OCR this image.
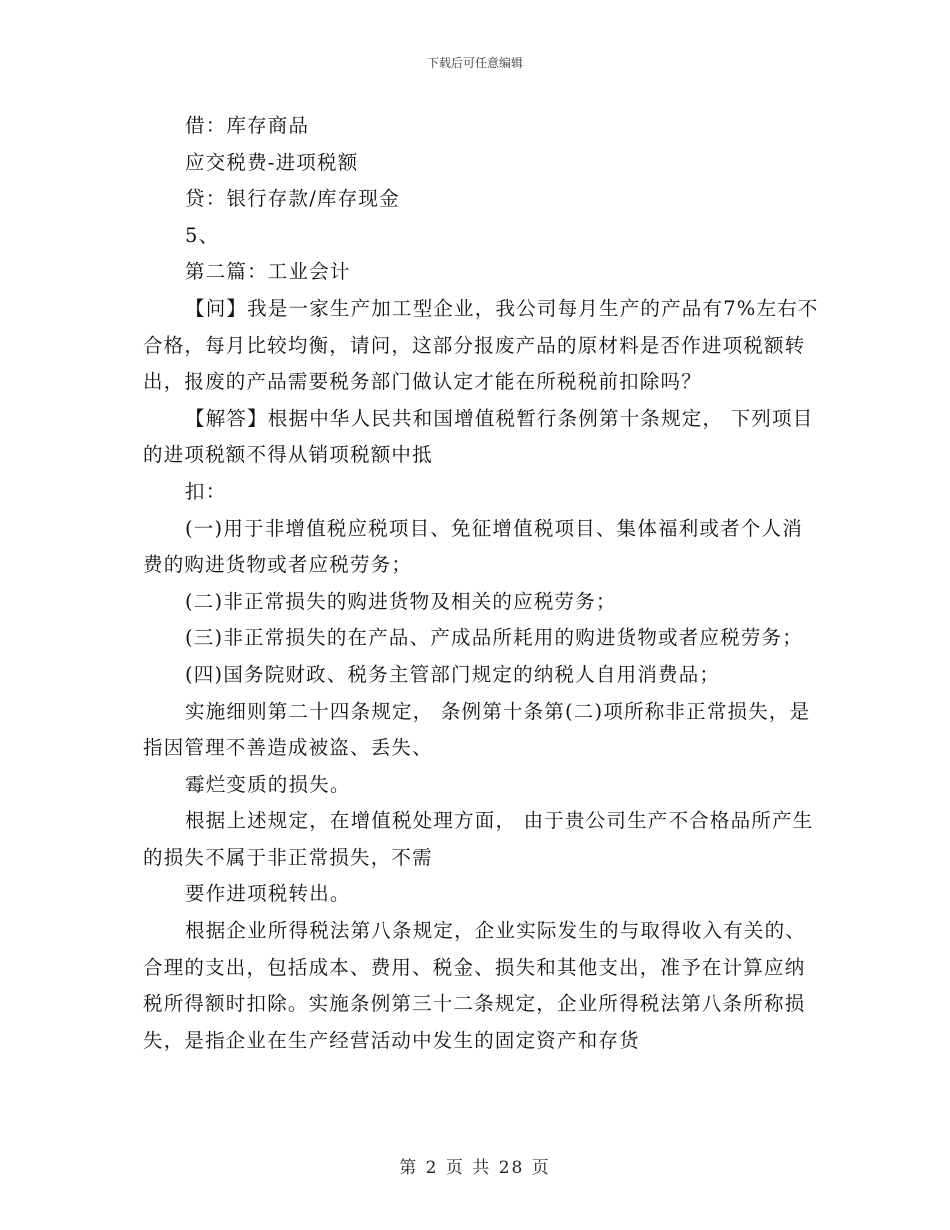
下载后可任意编辑

借：库存商品

应交税费-进项税额

贷：银行存款/库存现金

5、

第二篇：工业会计

【问】我是一家生产加工型企业，我公司每月生产的产品有7%左右不合格，每月比较均衡，请问，这部分报废产品的原材料是否作进项税额转出，报废的产品需要税务部门做认定才能在所税税前扣除吗？

【解答】根据中华人民共和国增值税暂行条例第十条规定， 下列项目的进项税额不得从销项税额中抵

扣：

(一)用于非增值税应税项目、免征增值税项目、集体福利或者个人消费的购进货物或者应税劳务；

(二)非正常损失的购进货物及相关的应税劳务；

(三)非正常损失的在产品、产成品所耗用的购进货物或者应税劳务；

(四)国务院财政、税务主管部门规定的纳税人自用消费品；

实施细则第二十四条规定， 条例第十条第(二)项所称非正常损失，是指因管理不善造成被盗、丢失、

霉烂变质的损失。

根据上述规定，在增值税处理方面， 由于贵公司生产不合格品所产生的损失不属于非正常损失，不需

要作进项税转出。

根据企业所得税法第八条规定，企业实际发生的与取得收入有关的、合理的支出，包括成本、费用、税金、损失和其他支出，准予在计算应纳税所得额时扣除。实施条例第三十二条规定，企业所得税法第八条所称损失，是指企业在生产经营活动中发生的固定资产和存货

第 2 页 共 28 页
